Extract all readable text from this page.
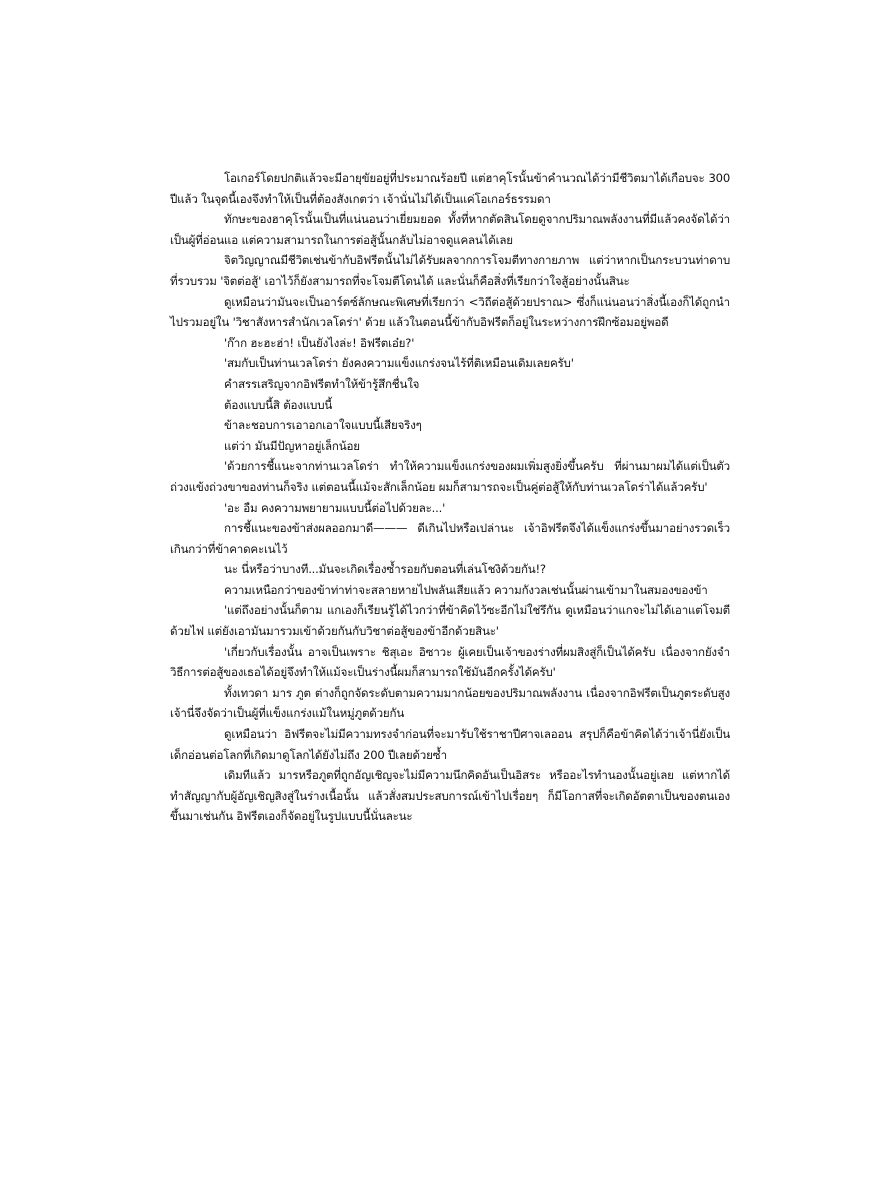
โอเกอร์โดยปกติแล้วจะมีอายุขัยอยู่ที่ประมาณร้อยปี แต่ฮาคุโรนั้นข้าคำนวณได้ว่ามีชีวิตมาได้เกือบจะ 300 ปีแล้ว ในจุดนี้เองจึงทำให้เป็นที่ต้องสังเกตว่า เจ้านั่นไม่ได้เป็นแค่โอเกอร์ธรรมดา

ทักษะของฮาคุโรนั้นเป็นที่แน่นอนว่าเยี่ยมยอด ทั้งที่หากตัดสินโดยดูจากปริมาณพลังงานที่มีแล้วคงจัดได้ว่าเป็นผู้ที่อ่อนแอ แต่ความสามารถในการต่อสู้นั้นกลับไม่อาจดูแคลนได้เลย

จิตวิญญาณมีชีวิตเช่นข้ากับอิฟรีตนั้นไม่ได้รับผลจากการโจมตีทางกายภาพ แต่ว่าหากเป็นกระบวนท่าดาบที่รวบรวม 'จิตต่อสู้' เอาไว้ก็ยังสามารถที่จะโจมตีโดนได้ และนั่นก็คือสิ่งที่เรียกว่าใจสู้อย่างนั้นสินะ

ดูเหมือนว่ามันจะเป็นอาร์ตซ์ลักษณะพิเศษที่เรียกว่า <วิถีต่อสู้ด้วยปราณ> ซึ่งก็แน่นอนว่าสิ่งนี้เองก็ได้ถูกนำไปรวมอยู่ใน 'วิชาสังหารสำนักเวลโดร่า' ด้วย แล้วในตอนนี้ข้ากับอิฟรีตก็อยู่ในระหว่างการฝึกซ้อมอยู่พอดี

'ก๊าก ฮะฮะฮ่า! เป็นยังไงล่ะ! อิฟรีตเอ๋ย?'

'สมกับเป็นท่านเวลโดร่า ยังคงความแข็งแกร่งจนไร้ที่ติเหมือนเดิมเลยครับ'

คำสรรเสริญจากอิฟรีตทำให้ข้ารู้สึกชื่นใจ

ต้องแบบนี้สิ ต้องแบบนี้

ข้าละชอบการเอาอกเอาใจแบบนี้เสียจริงๆ

แต่ว่า มันมีปัญหาอยู่เล็กน้อย

'ด้วยการชี้แนะจากท่านเวลโดร่า ทำให้ความแข็งแกร่งของผมเพิ่มสูงยิ่งขึ้นครับ ที่ผ่านมาผมได้แต่เป็นตัวถ่วงแข้งถ่วงขาของท่านก็จริง แต่ตอนนี้แม้จะสักเล็กน้อย ผมก็สามารถจะเป็นคู่ต่อสู้ให้กับท่านเวลโดร่าได้แล้วครับ'

'อะ อืม คงความพยายามแบบนี้ต่อไปด้วยละ...'

การชี้แนะของข้าส่งผลออกมาดี——— ดีเกินไปหรือเปล่านะ เจ้าอิฟรีตจึงได้แข็งแกร่งขึ้นมาอย่างรวดเร็วเกินกว่าที่ข้าคาดคะเนไว้

นะ นี่หรือว่าบางที...มันจะเกิดเรื่องซ้ำรอยกับตอนที่เล่นโชงิด้วยกัน!?

ความเหนือกว่าของข้าท่าท่าจะสลายหายไปพลันเสียแล้ว ความกังวลเช่นนั้นผ่านเข้ามาในสมองของข้า

'แต่ถึงอย่างนั้นก็ตาม แกเองก็เรียนรู้ได้ไวกว่าที่ข้าคิดไว้ซะอีกไม่ใช่รึกัน ดูเหมือนว่าแกจะไม่ได้เอาแต่โจมตีด้วยไฟ แต่ยังเอามันมารวมเข้าด้วยกันกับวิชาต่อสู้ของข้าอีกด้วยสินะ'

'เกี่ยวกับเรื่องนั้น อาจเป็นเพราะ ชิสุเอะ อิซาวะ ผู้เคยเป็นเจ้าของร่างที่ผมสิงสู่ก็เป็นได้ครับ เนื่องจากยังจำวิธีการต่อสู้ของเธอได้อยู่จึงทำให้แม้จะเป็นร่างนี้ผมก็สามารถใช้มันอีกครั้งได้ครับ'

ทั้งเทวดา มาร ภูต ต่างก็ถูกจัดระดับตามความมากน้อยของปริมาณพลังงาน เนื่องจากอิฟรีตเป็นภูตระดับสูง เจ้านี่จึงจัดว่าเป็นผู้ที่แข็งแกร่งแม้ในหมู่ภูตด้วยกัน

ดูเหมือนว่า อิฟรีตจะไม่มีความทรงจำก่อนที่จะมารับใช้ราชาปีศาจเลออน สรุปก็คือข้าคิดได้ว่าเจ้านี่ยังเป็นเด็กอ่อนต่อโลกที่เกิดมาดูโลกได้ยังไม่ถึง 200 ปีเลยด้วยซ้ำ

เดิมทีแล้ว มารหรือภูตที่ถูกอัญเชิญจะไม่มีความนึกคิดอันเป็นอิสระ หรืออะไรทำนองนั้นอยู่เลย แต่หากได้ทำสัญญากับผู้อัญเชิญสิงสู่ในร่างเนื้อนั้น แล้วสั่งสมประสบการณ์เข้าไปเรื่อยๆ ก็มีโอกาสที่จะเกิดอัตตาเป็นของตนเองขึ้นมาเช่นกัน อิฟรีตเองก็จัดอยู่ในรูปแบบนี้นั่นละนะ
